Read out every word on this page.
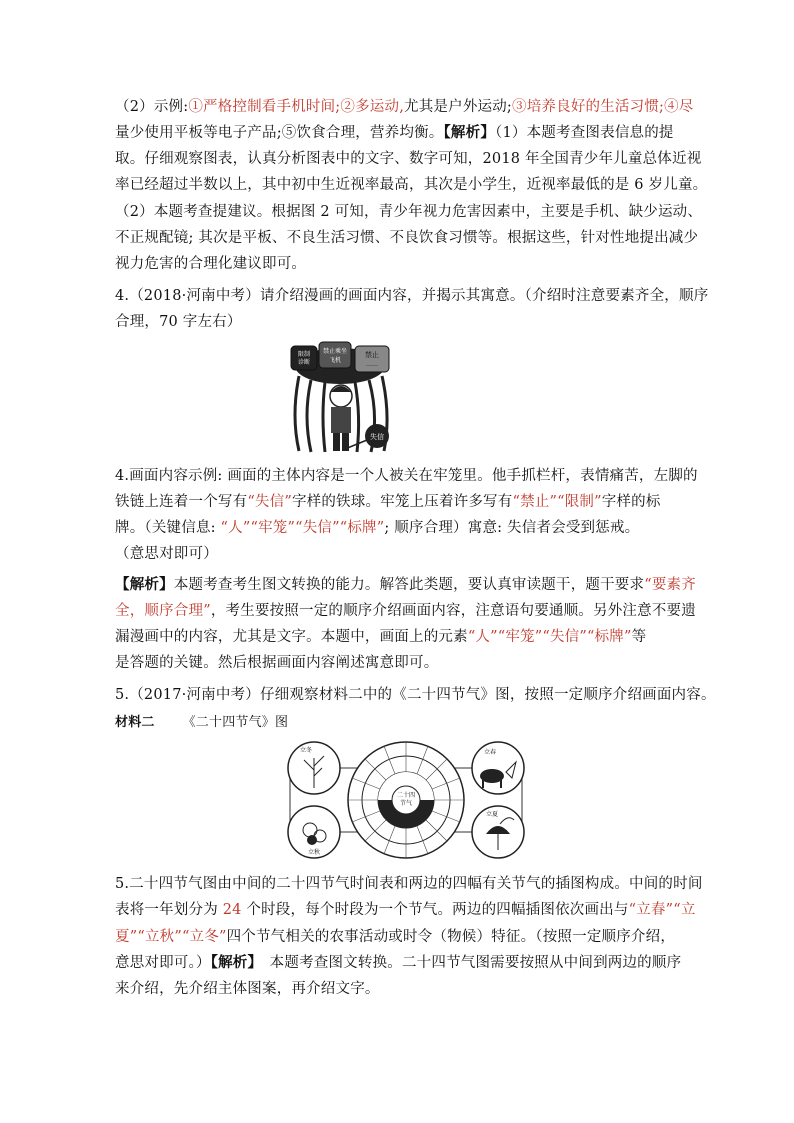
（2）示例:①严格控制看手机时间;②多运动,尤其是户外运动;③培养良好的生活习惯;④尽
量少使用平板等电子产品;⑤饮食合理，营养均衡。【解析】（1）本题考查图表信息的提
取。仔细观察图表，认真分析图表中的文字、数字可知，2018 年全国青少年儿童总体近视
率已经超过半数以上，其中初中生近视率最高，其次是小学生，近视率最低的是 6 岁儿童。
（2）本题考查提建议。根据图 2 可知，青少年视力危害因素中，主要是手机、缺少运动、
不正规配镜; 其次是平板、不良生活习惯、不良饮食习惯等。根据这些，针对性地提出减少
视力危害的合理化建议即可。
4.（2018·河南中考）请介绍漫画的画面内容，并揭示其寓意。（介绍时注意要素齐全，顺序
合理，70 字左右）
限制
诊断
禁止乘坐
飞机
禁止
……
失信
4.画面内容示例: 画面的主体内容是一个人被关在牢笼里。他手抓栏杆，表情痛苦，左脚的
铁链上连着一个写有“失信”字样的铁球。牢笼上压着许多写有“禁止”“限制”字样的标
牌。（关键信息: “人”“牢笼”“失信”“标牌”; 顺序合理）寓意: 失信者会受到惩戒。
（意思对即可）
【解析】本题考查考生图文转换的能力。解答此类题，要认真审读题干，题干要求“要素齐
全，顺序合理”，考生要按照一定的顺序介绍画面内容，注意语句要通顺。另外注意不要遗
漏漫画中的内容，尤其是文字。本题中，画面上的元素“人”“牢笼”“失信”“标牌”等
是答题的关键。然后根据画面内容阐述寓意即可。
5.（2017·河南中考）仔细观察材料二中的《二十四节气》图，按照一定顺序介绍画面内容。
材料二 《二十四节气》图
二十四
节气
立冬	立春
立秋
立夏
5.二十四节气图由中间的二十四节气时间表和两边的四幅有关节气的插图构成。中间的时间
表将一年划分为 24 个时段，每个时段为一个节气。两边的四幅插图依次画出与“立春”“立
夏”“立秋”“立冬”四个节气相关的农事活动或时令（物候）特征。（按照一定顺序介绍，
意思对即可。）【解析】　本题考查图文转换。二十四节气图需要按照从中间到两边的顺序
来介绍，先介绍主体图案，再介绍文字。
